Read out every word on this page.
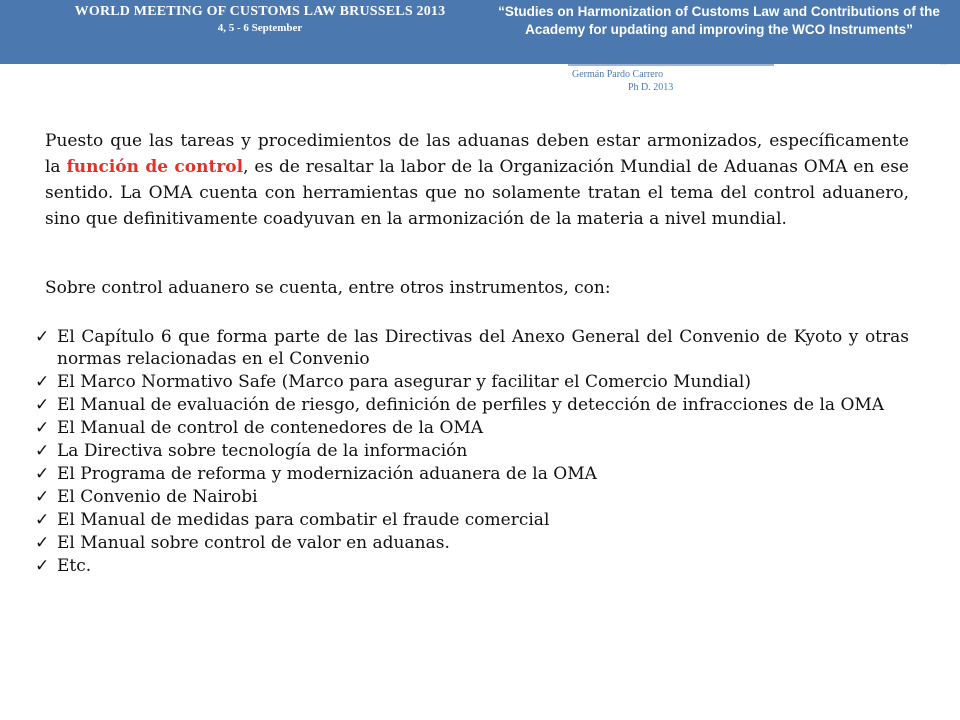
WORLD MEETING OF CUSTOMS LAW BRUSSELS 2013
4, 5 - 6 September
“Studies on Harmonization of Customs Law and Contributions of the Academy for updating and improving the WCO Instruments”
....
Germán Pardo Carrero
Ph D. 2013

Puesto que las tareas y procedimientos de las aduanas deben estar armonizados, específicamente la función de control, es de resaltar la labor de la Organización Mundial de Aduanas OMA en ese sentido. La OMA cuenta con herramientas que no solamente tratan el tema del control aduanero, sino que definitivamente coadyuvan en la armonización de la materia a nivel mundial.

Sobre control aduanero se cuenta, entre otros instrumentos, con:

✓ El Capítulo 6 que forma parte de las Directivas del Anexo General del Convenio de Kyoto y otras normas relacionadas en el Convenio
✓ El Marco Normativo Safe (Marco para asegurar y facilitar el Comercio Mundial)
✓ El Manual de evaluación de riesgo, definición de perfiles y detección de infracciones de la OMA
✓ El Manual de control de contenedores de la OMA
✓ La Directiva sobre tecnología de la información
✓ El Programa de reforma y modernización aduanera de la OMA
✓ El Convenio de Nairobi
✓ El Manual de medidas para combatir el fraude comercial
✓ El Manual sobre control de valor en aduanas.
✓ Etc.
